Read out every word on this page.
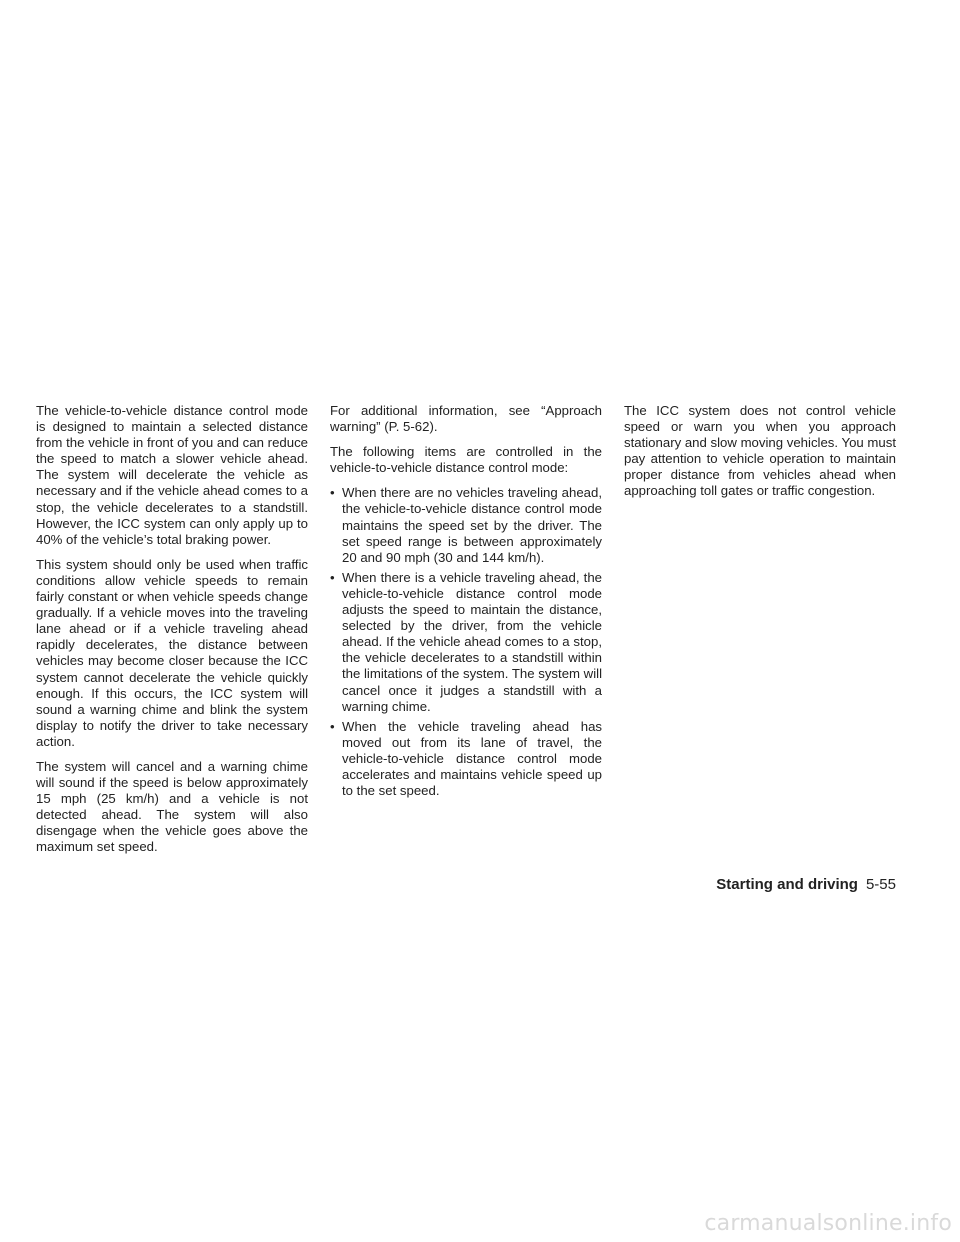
The vehicle-to-vehicle distance control mode is designed to maintain a selected distance from the vehicle in front of you and can reduce the speed to match a slower vehicle ahead. The system will decelerate the vehicle as necessary and if the vehicle ahead comes to a stop, the vehicle decelerates to a standstill. However, the ICC system can only apply up to 40% of the vehicle’s total braking power.

This system should only be used when traffic conditions allow vehicle speeds to remain fairly constant or when vehicle speeds change gradually. If a vehicle moves into the traveling lane ahead or if a vehicle traveling ahead rapidly decelerates, the distance between vehicles may become closer because the ICC system cannot decelerate the vehicle quickly enough. If this occurs, the ICC system will sound a warning chime and blink the system display to notify the driver to take necessary action.

The system will cancel and a warning chime will sound if the speed is below approximately 15 mph (25 km/h) and a vehicle is not detected ahead. The system will also disengage when the vehicle goes above the maximum set speed.

For additional information, see “Approach warning” (P. 5-62).

The following items are controlled in the vehicle-to-vehicle distance control mode:

• When there are no vehicles traveling ahead, the vehicle-to-vehicle distance control mode maintains the speed set by the driver. The set speed range is between approximately 20 and 90 mph (30 and 144 km/h).
• When there is a vehicle traveling ahead, the vehicle-to-vehicle distance control mode adjusts the speed to maintain the distance, selected by the driver, from the vehicle ahead. If the vehicle ahead comes to a stop, the vehicle decelerates to a standstill within the limitations of the system. The system will cancel once it judges a standstill with a warning chime.
• When the vehicle traveling ahead has moved out from its lane of travel, the vehicle-to-vehicle distance control mode accelerates and maintains vehicle speed up to the set speed.

The ICC system does not control vehicle speed or warn you when you approach stationary and slow moving vehicles. You must pay attention to vehicle operation to maintain proper distance from vehicles ahead when approaching toll gates or traffic congestion.

Starting and driving 5-55
carmanualsonline.info
